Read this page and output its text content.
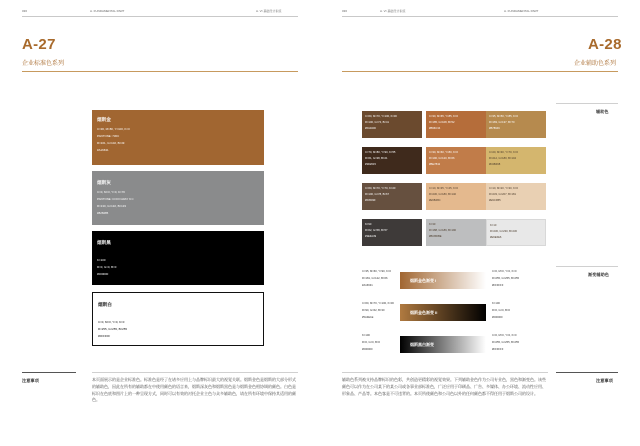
036	A. FUNDAMENTAL PART	A. VI 基础设计系统
A-27
企业标准色系列
烟斯金
C=30, M=80, Y=100, K=0
PANTONE: 730C
R=161, G=102, B=49
#A16631
烟斯灰
C=0, M=0, Y=0, K=70
PANTONE: COOl GRAY 9 C
R=130, G=132, B=133
#828485
烟斯黑
K=100
R=0, G=0, B=0
#000000
烟斯白
C=0, M=0, Y=0, K=0
R=255, G=255, B=255
#FFFFFF
注意事项	本页面展示的是企业标准色。标准色是经了在诸多应用上与品牌标识最大的视觉关联。烟斯金色是烟斯的大部分形式的辅助色，因此在所有的辅助都在中使用颜色的语言来，烟斯深灰色和烟斯黑色是与烟斯金色相协调的颜色。白色是标识在色底和图片上的一种呈现方式，同时可以有效的衬托企业主色与众多辅助色，请在所有环境中保持其适用的颜色。
036	A. VI 基础设计系统	A. FUNDAMENTAL PART
A-28
企业辅助色系列
辅助色
渐变辅助色
C=60, M=70, Y=100, K=30
R=100, G=74, B=41
#64432D
C=30, M=65, Y=85, K=0
R=185, G=108, B=52
#B96C34
C=35, M=50, Y=85, K=0
R=183, G=137, B=70
#B78946
C=70, M=80, Y=90, K=55
R=61, G=38, B=21
#3D2615
C=30, M=60, Y=80, K=0
R=190, G=120, B=66
#BE7842
C=20, M=30, Y=70, K=0
R=212, G=180, B=104
#D4B468
C=60, M=70, Y=70, K=20
R=100, G=78, B=67
#64503F
C=10, M=35, Y=45, K=0
R=230, G=180, B=140
#E6B48C
C=10, M=20, Y=30, K=0
R=233, G=207, B=181
#E9CFB5
K=90
R=62, G=58, B=57
#3E3A39
K=30
R=188, G=189, B=190
#BCBDBE
K=10
R=230, G=230, B=230
#E6E6E6
C=35, M=60, Y=90, K=0
R=181, G=122, B=66
#A16631
烟斯金色渐变 I
C=0, M=0, Y=0, K=0
R=255, G=255, B=255
#FFFFFF
C=60, M=70, Y=100, K=30
R=90, G=62, B=30
#5A3E1E
烟斯金色渐变 II
K=100
R=0, G=0, B=0
#000000
K=100
R=0, G=0, B=0
#000000
烟斯黑白渐变
C=0, M=0, Y=0, K=0
R=255, G=255, B=255
#FFFFFF
辅助色系列被支持品牌标识的色彩，共创造更精彩的视觉效果。下列辅助金色作为公司专业色，黑色和渐变色。该些颜色可以作为在公司某下的某公司或各事业部标准色，广泛应用于印刷品、广告、多媒体、办公环境、流动性应用、形象品、产品等。本色客是不可违背的。本页所使颜色和公司色以外的任何颜色都不得任用于烟斯公司的设计。
注意事项
